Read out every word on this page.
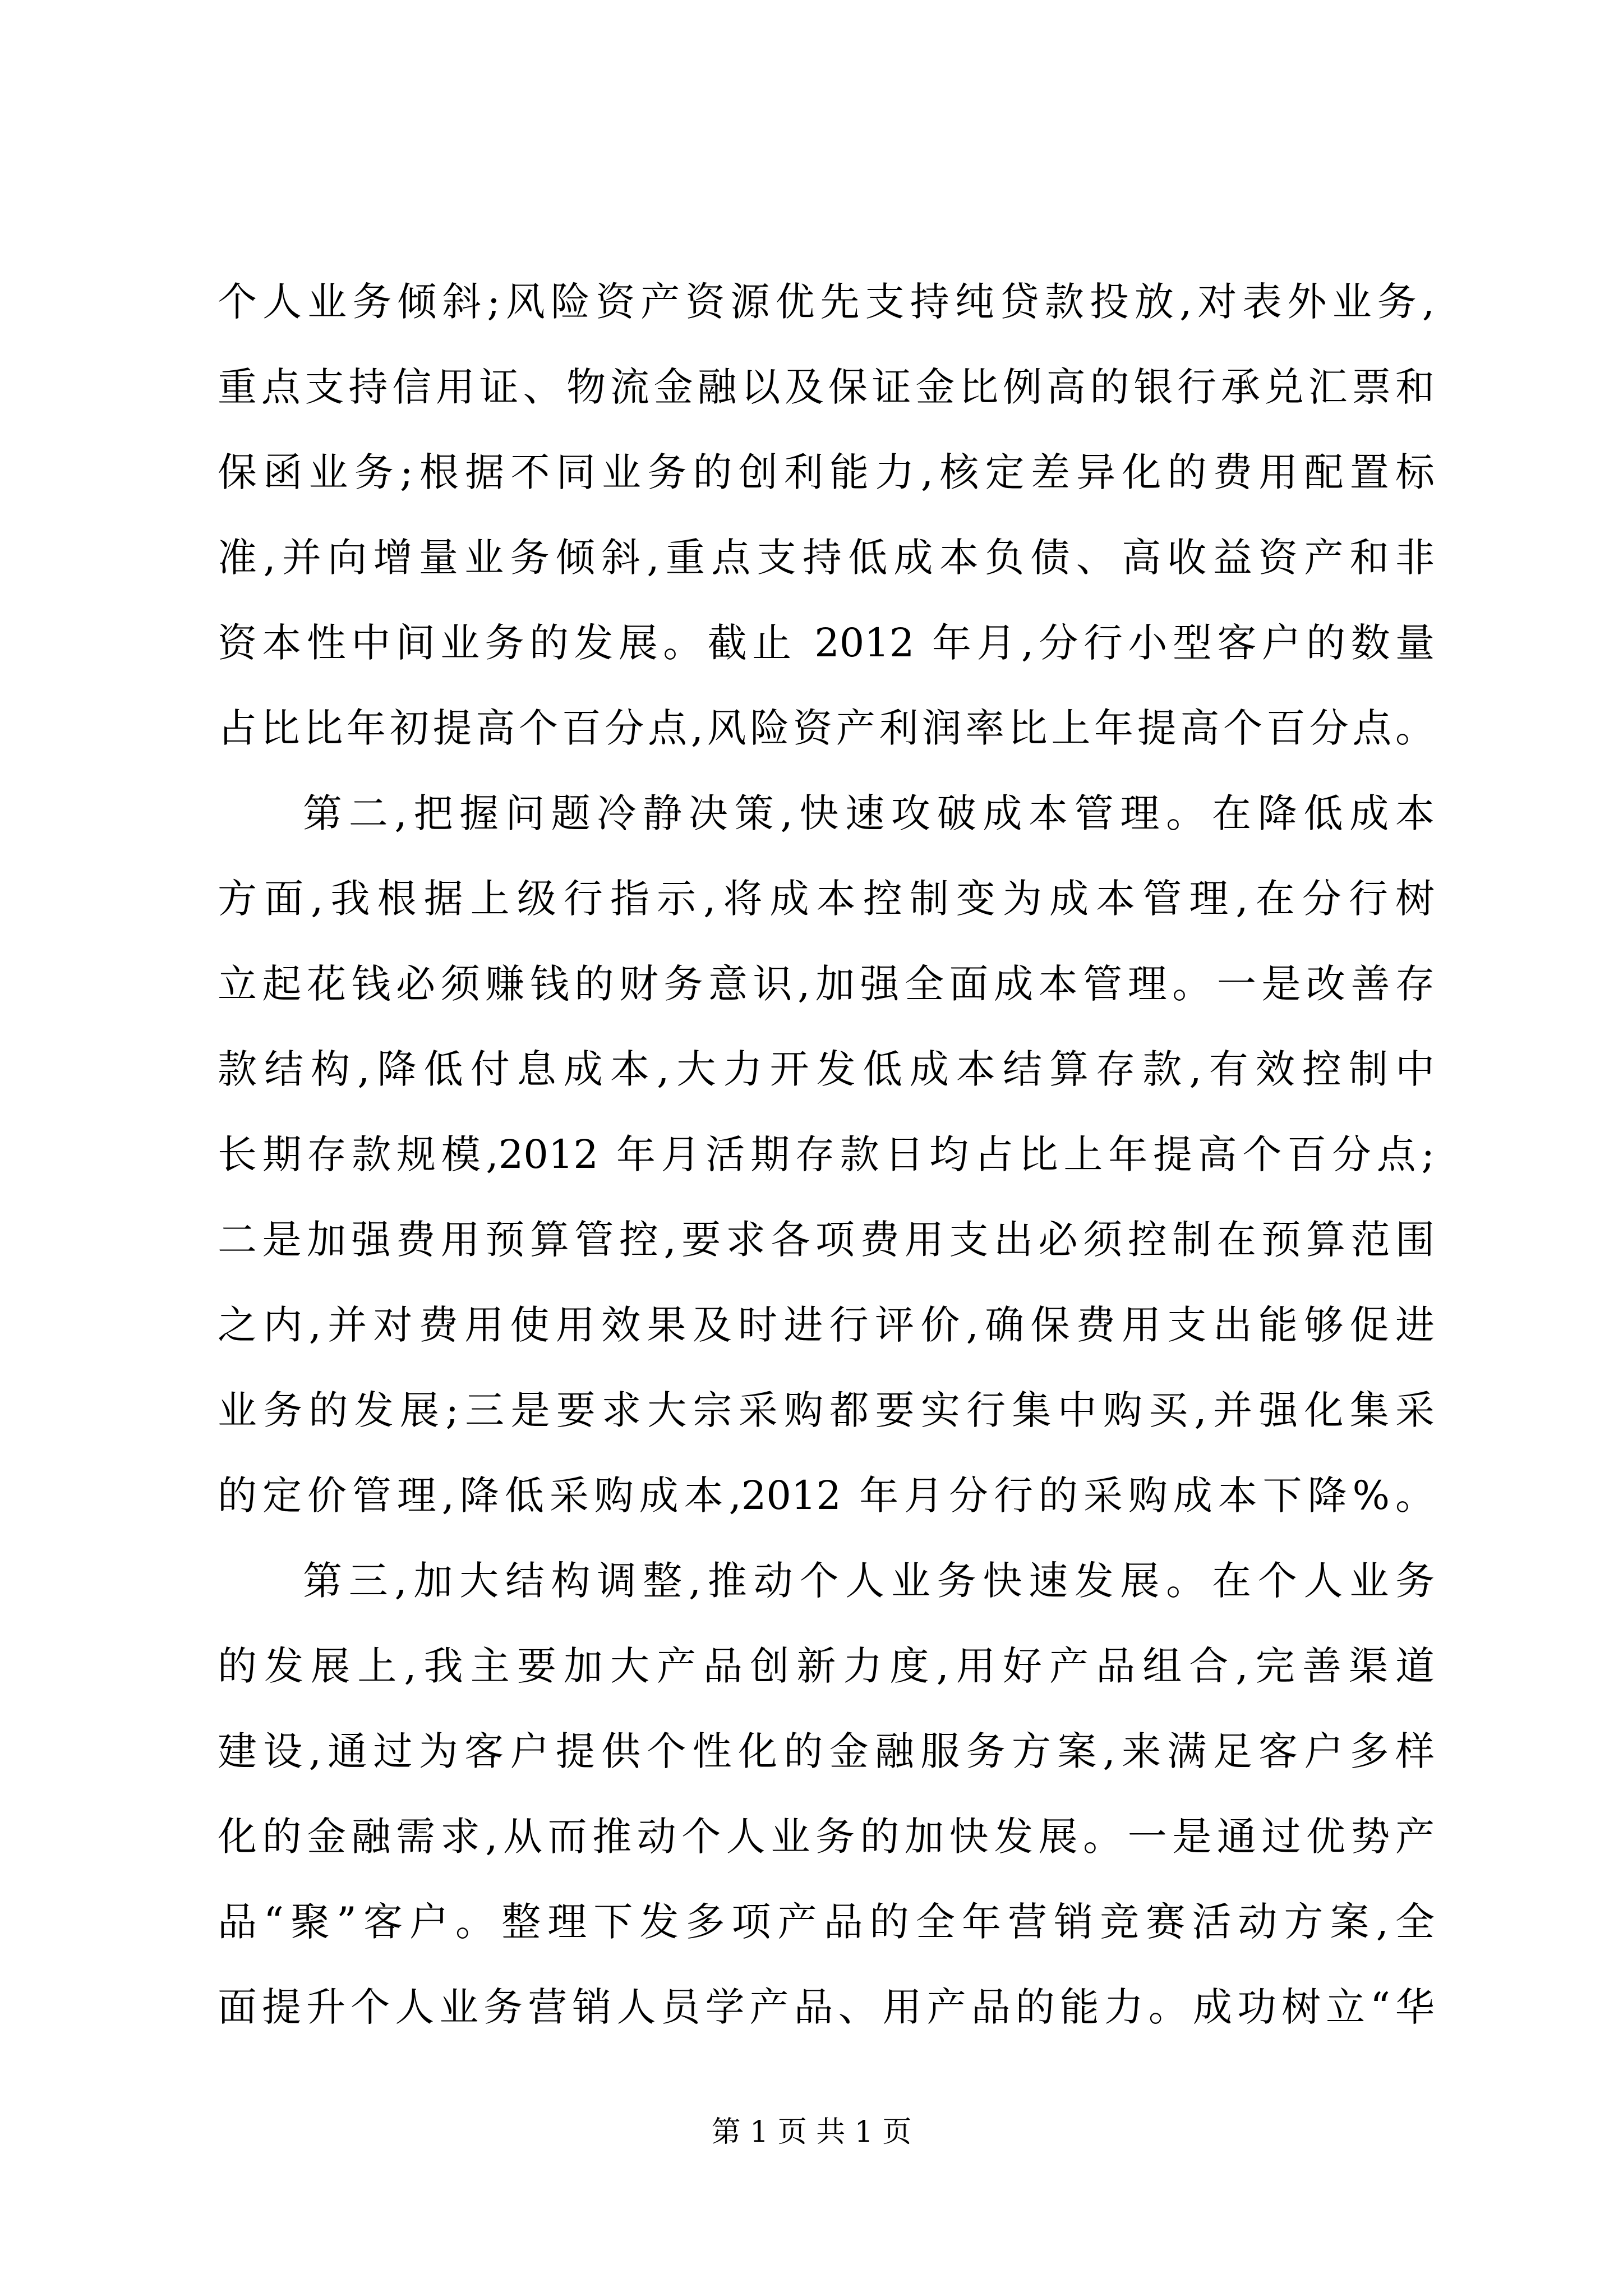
个人业务倾斜;风险资产资源优先支持纯贷款投放,对表外业务,
重点支持信用证、物流金融以及保证金比例高的银行承兑汇票和
保函业务;根据不同业务的创利能力,核定差异化的费用配置标
准,并向增量业务倾斜,重点支持低成本负债、高收益资产和非
资本性中间业务的发展。截止 2012 年月,分行小型客户的数量
占比比年初提高个百分点,风险资产利润率比上年提高个百分点。
第二,把握问题冷静决策,快速攻破成本管理。在降低成本
方面,我根据上级行指示,将成本控制变为成本管理,在分行树
立起花钱必须赚钱的财务意识,加强全面成本管理。一是改善存
款结构,降低付息成本,大力开发低成本结算存款,有效控制中
长期存款规模,2012 年月活期存款日均占比上年提高个百分点;
二是加强费用预算管控,要求各项费用支出必须控制在预算范围
之内,并对费用使用效果及时进行评价,确保费用支出能够促进
业务的发展;三是要求大宗采购都要实行集中购买,并强化集采
的定价管理,降低采购成本,2012 年月分行的采购成本下降%。
第三,加大结构调整,推动个人业务快速发展。在个人业务
的发展上,我主要加大产品创新力度,用好产品组合,完善渠道
建设,通过为客户提供个性化的金融服务方案,来满足客户多样
化的金融需求,从而推动个人业务的加快发展。一是通过优势产
品“聚”客户。整理下发多项产品的全年营销竞赛活动方案,全
面提升个人业务营销人员学产品、用产品的能力。成功树立“华
第 1 页 共 1 页
